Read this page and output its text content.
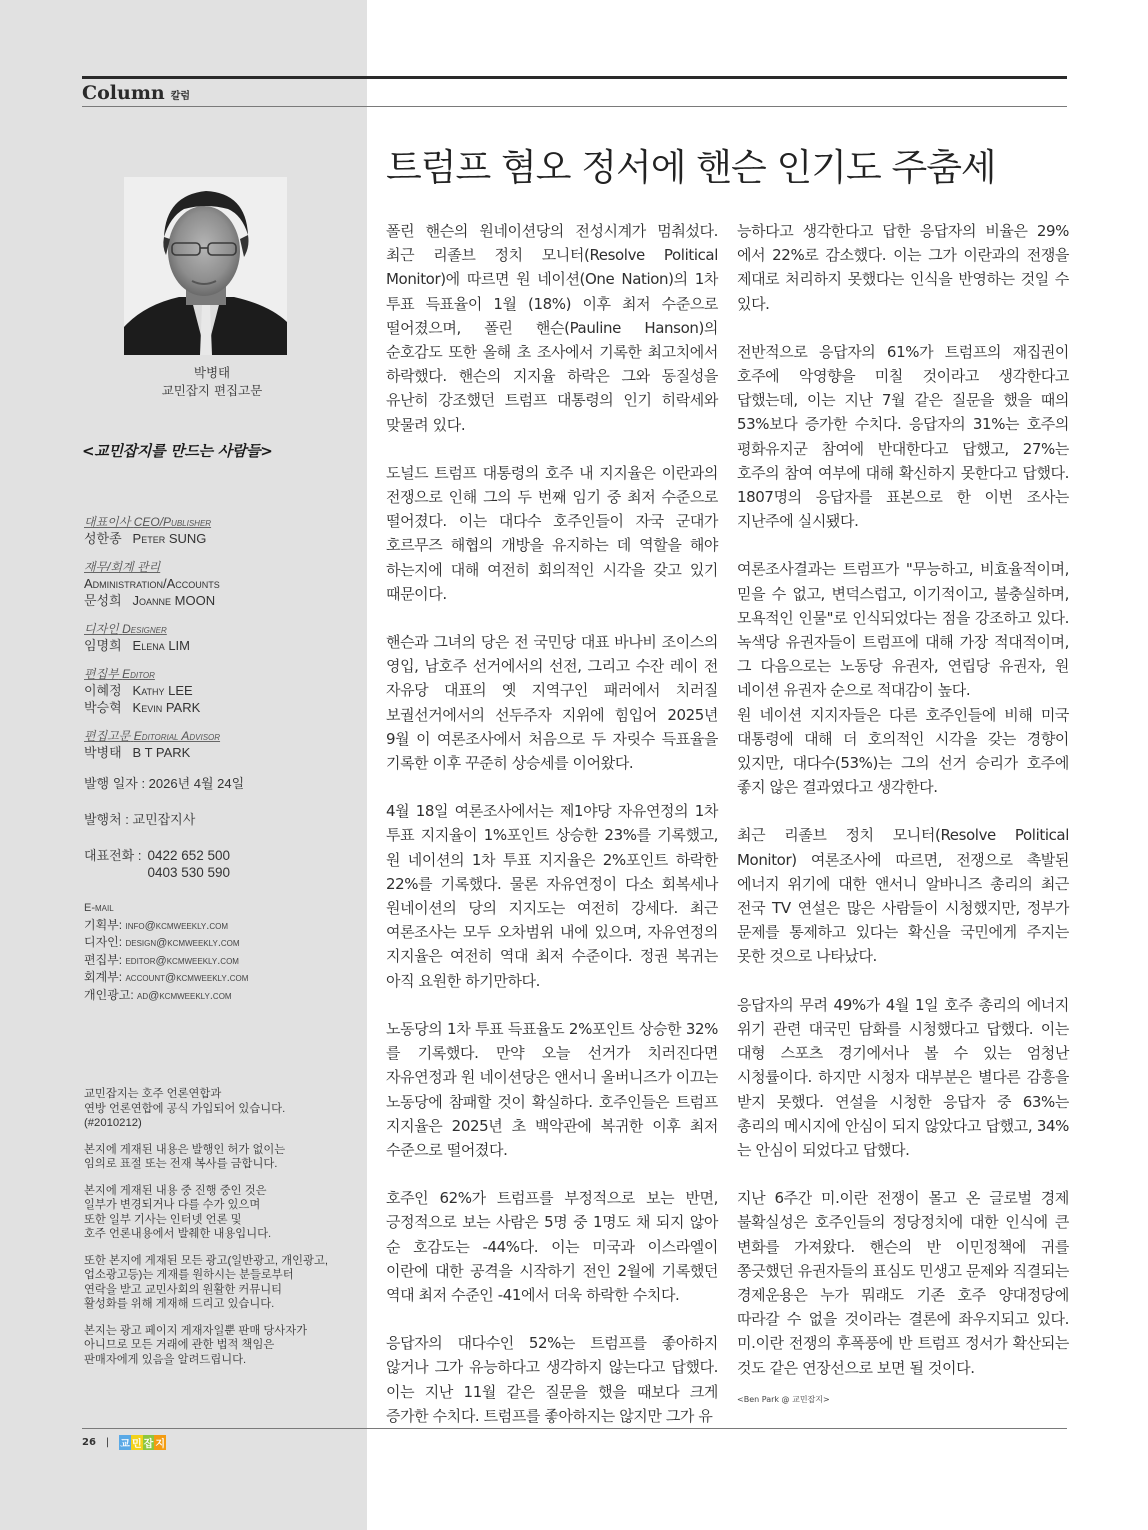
Column 칼럼
박병태
교민잡지 편집고문
<교민잡지를 만드는 사람들>
대표이사 CEO/Publisher
성한종 Peter SUNG
재무/회계 관리
Administration/Accounts
문성희 Joanne MOON
디자인 Designer
임명희 Elena LIM
편집부 Editor
이혜정 Kathy LEE
박승혁 Kevin PARK
편집고문 Editorial Advisor
박병태 B T PARK
발행 일자 : 2026년 4월 24일
발행처 : 교민잡지사
대표전화 : 0422 652 500
0403 530 590
E-mail
기획부: info@kcmweekly.com
디자인: design@kcmweekly.com
편집부: editor@kcmweekly.com
회계부: account@kcmweekly.com
개인광고: ad@kcmweekly.com

교민잡지는 호주 언론연합과
연방 언론연합에 공식 가입되어 있습니다.
(#2010212)

본지에 게재된 내용은 발행인 허가 없이는
임의로 표절 또는 전재 복사를 금합니다.

본지에 게재된 내용 중 진행 중인 것은
일부가 변경되거나 다를 수가 있으며
또한 일부 기사는 인터넷 언론 및
호주 언론내용에서 발췌한 내용입니다.

또한 본지에 게재된 모든 광고(일반광고, 개인광고,
업소광고등)는 게재를 원하시는 분들로부터
연락을 받고 교민사회의 원활한 커뮤니티
활성화를 위해 게재해 드리고 있습니다.

본지는 광고 페이지 게재자일뿐 판매 당사자가
아니므로 모든 거래에 관한 법적 책임은
판매자에게 있음을 알려드립니다.

26 | 교 민 잡 지
트럼프 혐오 정서에 핸슨 인기도 주춤세

폴린 핸슨의 원네이션당의 전성시계가 멈춰섰다. 최근 리졸브 정치 모니터(Resolve Political Monitor)에 따르면 원 네이션(One Nation)의 1차 투표 득표율이 1월 (18%) 이후 최저 수준으로 떨어졌으며, 폴린 핸슨(Pauline Hanson)의 순호감도 또한 올해 초 조사에서 기록한 최고치에서 하락했다. 핸슨의 지지율 하락은 그와 동질성을 유난히 강조했던 트럼프 대통령의 인기 히락세와 맞물려 있다.

도널드 트럼프 대통령의 호주 내 지지율은 이란과의 전쟁으로 인해 그의 두 번째 임기 중 최저 수준으로 떨어졌다. 이는 대다수 호주인들이 자국 군대가 호르무즈 해협의 개방을 유지하는 데 역할을 해야 하는지에 대해 여전히 회의적인 시각을 갖고 있기 때문이다.

핸슨과 그녀의 당은 전 국민당 대표 바나비 조이스의 영입, 남호주 선거에서의 선전, 그리고 수잔 레이 전 자유당 대표의 옛 지역구인 패러에서 치러질 보궐선거에서의 선두주자 지위에 힘입어 2025년 9월 이 여론조사에서 처음으로 두 자릿수 득표율을 기록한 이후 꾸준히 상승세를 이어왔다.

4월 18일 여론조사에서는 제1야당 자유연정의 1차 투표 지지율이 1%포인트 상승한 23%를 기록했고, 원 네이션의 1차 투표 지지율은 2%포인트 하락한 22%를 기록했다. 물론 자유연정이 다소 회복세나 원네이션의 당의 지지도는 여전히 강세다. 최근 여론조사는 모두 오차범위 내에 있으며, 자유연정의 지지율은 여전히 역대 최저 수준이다. 정권 복귀는 아직 요원한 하기만하다.

노동당의 1차 투표 득표율도 2%포인트 상승한 32%를 기록했다. 만약 오늘 선거가 치러진다면 자유연정과 원 네이션당은 앤서니 올버니즈가 이끄는 노동당에 참패할 것이 확실하다. 호주인들은 트럼프 지지율은 2025년 초 백악관에 복귀한 이후 최저 수준으로 떨어졌다.

호주인 62%가 트럼프를 부정적으로 보는 반면, 긍정적으로 보는 사람은 5명 중 1명도 채 되지 않아 순 호감도는 -44%다. 이는 미국과 이스라엘이 이란에 대한 공격을 시작하기 전인 2월에 기록했던 역대 최저 수준인 -41에서 더욱 하락한 수치다.

응답자의 대다수인 52%는 트럼프를 좋아하지 않거나 그가 유능하다고 생각하지 않는다고 답했다. 이는 지난 11월 같은 질문을 했을 때보다 크게 증가한 수치다. 트럼프를 좋아하지는 않지만 그가 유

능하다고 생각한다고 답한 응답자의 비율은 29%에서 22%로 감소했다. 이는 그가 이란과의 전쟁을 제대로 처리하지 못했다는 인식을 반영하는 것일 수 있다.

전반적으로 응답자의 61%가 트럼프의 재집권이 호주에 악영향을 미칠 것이라고 생각한다고 답했는데, 이는 지난 7월 같은 질문을 했을 때의 53%보다 증가한 수치다. 응답자의 31%는 호주의 평화유지군 참여에 반대한다고 답했고, 27%는 호주의 참여 여부에 대해 확신하지 못한다고 답했다. 1807명의 응답자를 표본으로 한 이번 조사는 지난주에 실시됐다.

여론조사결과는 트럼프가 "무능하고, 비효율적이며, 믿을 수 없고, 변덕스럽고, 이기적이고, 불충실하며, 모욕적인 인물"로 인식되었다는 점을 강조하고 있다. 녹색당 유권자들이 트럼프에 대해 가장 적대적이며, 그 다음으로는 노동당 유권자, 연립당 유권자, 원 네이션 유권자 순으로 적대감이 높다.

원 네이션 지지자들은 다른 호주인들에 비해 미국 대통령에 대해 더 호의적인 시각을 갖는 경향이 있지만, 대다수(53%)는 그의 선거 승리가 호주에 좋지 않은 결과였다고 생각한다.

최근 리졸브 정치 모니터(Resolve Political Monitor) 여론조사에 따르면, 전쟁으로 촉발된 에너지 위기에 대한 앤서니 알바니즈 총리의 최근 전국 TV 연설은 많은 사람들이 시청했지만, 정부가 문제를 통제하고 있다는 확신을 국민에게 주지는 못한 것으로 나타났다.

응답자의 무려 49%가 4월 1일 호주 총리의 에너지 위기 관련 대국민 담화를 시청했다고 답했다. 이는 대형 스포츠 경기에서나 볼 수 있는 엄청난 시청률이다. 하지만 시청자 대부분은 별다른 감흥을 받지 못했다. 연설을 시청한 응답자 중 63%는 총리의 메시지에 안심이 되지 않았다고 답했고, 34%는 안심이 되었다고 답했다.

지난 6주간 미.이란 전쟁이 몰고 온 글로벌 경제 불확실성은 호주인들의 정당정치에 대한 인식에 큰 변화를 가져왔다. 핸슨의 반 이민정책에 귀를 쫑긋했던 유권자들의 표심도 민생고 문제와 직결되는 경제운용은 누가 뭐래도 기존 호주 양대정당에 따라갈 수 없을 것이라는 결론에 좌우지되고 있다. 미.이란 전쟁의 후폭풍에 반 트럼프 정서가 확산되는 것도 같은 연장선으로 보면 될 것이다.

<Ben Park @ 교민잡지>
